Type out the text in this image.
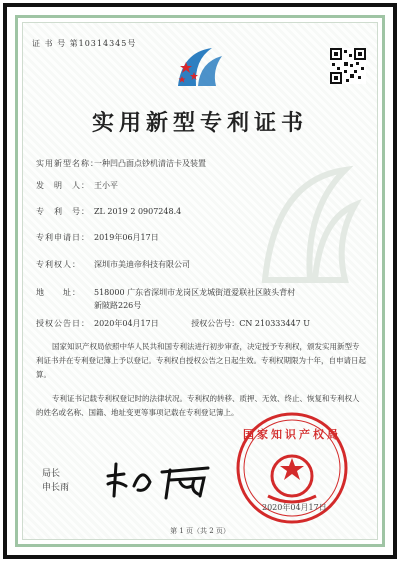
证 书 号 第10314345号
实用新型专利证书
实用新型名称：一种凹凸面点钞机清洁卡及装置
发　明　人： 王小平
专　利　号： ZL 2019 2 0907248.4
专利申请日： 2019年06月17日
专利权人： 深圳市美迪帝科技有限公司
地　　址： 518000 广东省深圳市龙岗区龙城街道爱联社区陂头背村
新陂路226号
授权公告日： 2020年04月17日	授权公告号：CN 210333447 U
国家知识产权局依照中华人民共和国专利法进行初步审查，决定授予专利权，颁发实用新型专利证书并在专利登记簿上予以登记。专利权自授权公告之日起生效。专利权期限为十年，自申请日起算。
专利证书记载专利权登记时的法律状况。专利权的转移、质押、无效、终止、恢复和专利权人的姓名或名称、国籍、地址变更等事项记载在专利登记簿上。
局长
申长雨
国家知识产权局
2020年04月17日
第 1 页（共 2 页）
